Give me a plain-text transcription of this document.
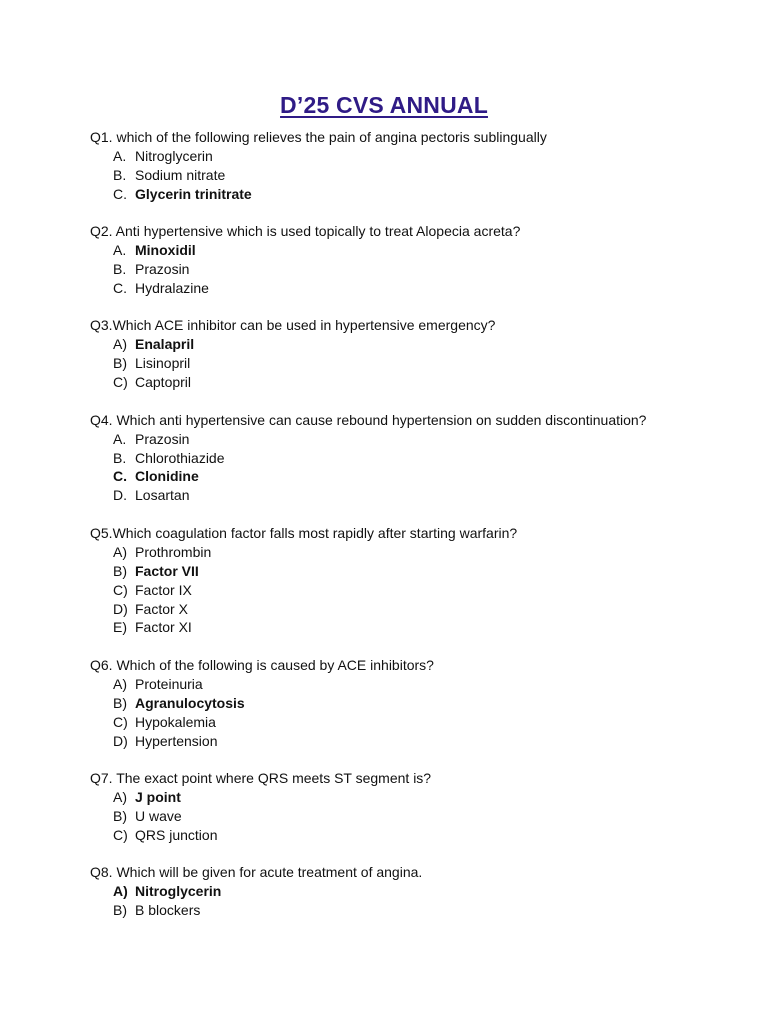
D’25 CVS ANNUAL
Q1. which of the following relieves the pain of angina pectoris sublingually
A. Nitroglycerin
B. Sodium nitrate
C. Glycerin trinitrate
Q2. Anti hypertensive which is used topically to treat Alopecia acreta?
A. Minoxidil
B. Prazosin
C. Hydralazine
Q3.Which ACE inhibitor can be used in hypertensive emergency?
A) Enalapril
B) Lisinopril
C) Captopril
Q4. Which anti hypertensive can cause rebound hypertension on sudden discontinuation?
A. Prazosin
B. Chlorothiazide
C. Clonidine
D. Losartan
Q5.Which coagulation factor falls most rapidly after starting warfarin?
A) Prothrombin
B) Factor VII
C) Factor IX
D) Factor X
E) Factor XI
Q6. Which of the following is caused by ACE inhibitors?
A) Proteinuria
B) Agranulocytosis
C) Hypokalemia
D) Hypertension
Q7. The exact point where QRS meets ST segment is?
A) J point
B) U wave
C) QRS junction
Q8. Which will be given for acute treatment of angina.
A) Nitroglycerin
B) B blockers
